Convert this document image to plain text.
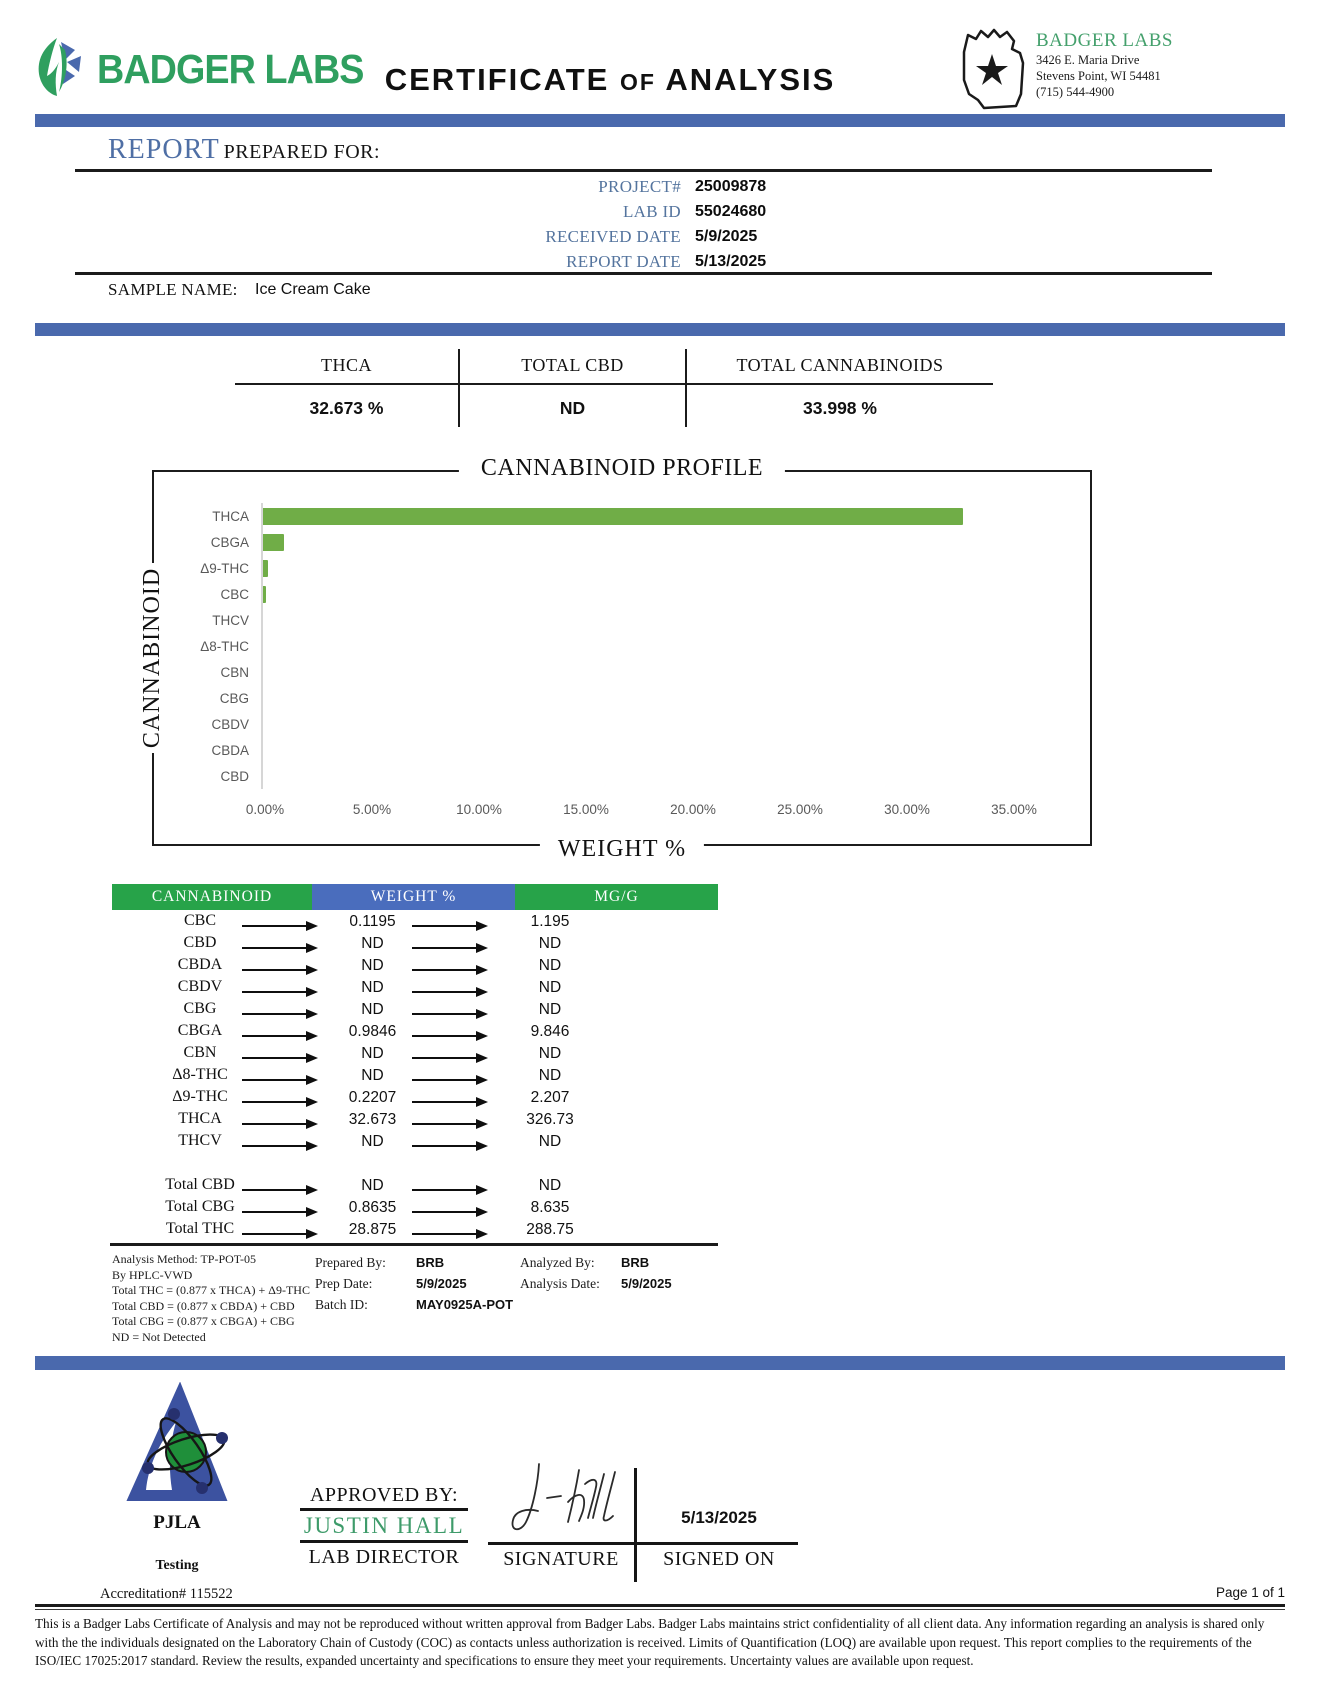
BADGER LABS CERTIFICATE OF ANALYSIS
BADGER LABS
3426 E. Maria Drive
Stevens Point, WI 54481
(715) 544-4900
REPORT PREPARED FOR:
PROJECT# 25009878
LAB ID 55024680
RECEIVED DATE 5/9/2025
REPORT DATE 5/13/2025
SAMPLE NAME: Ice Cream Cake
THCA
32.673 %
TOTAL CBD
ND
TOTAL CANNABINOIDS
33.998 %
CANNABINOID PROFILE
CANNABINOID
THCA
CBGA
Δ9-THC
CBC
THCV
Δ8-THC
CBN
CBG
CBDV
CBDA
CBD
0.00%	5.00%	10.00%	15.00%	20.00%	25.00%	30.00%	35.00%
WEIGHT %
CANNABINOID	WEIGHT %	MG/G
CBC	0.1195	1.195
CBD	ND	ND
CBDA	ND	ND
CBDV	ND	ND
CBG	ND	ND
CBGA	0.9846	9.846
CBN	ND	ND
Δ8-THC	ND	ND
Δ9-THC	0.2207	2.207
THCA	32.673	326.73
THCV	ND	ND
Total CBD	ND	ND
Total CBG	0.8635	8.635
Total THC	28.875	288.75
Analysis Method: TP-POT-05
By HPLC-VWD
Total THC = (0.877 x THCA) + Δ9-THC
Total CBD = (0.877 x CBDA) + CBD
Total CBG = (0.877 x CBGA) + CBG
ND = Not Detected
Prepared By:	BRB
Prep Date:	5/9/2025
Batch ID:	MAY0925A-POT
Analyzed By:	BRB
Analysis Date:	5/9/2025
PJLA
Testing
Accreditation# 115522
APPROVED BY:
JUSTIN HALL
LAB DIRECTOR	SIGNATURE
5/13/2025
SIGNED ON
Page 1 of 1
This is a Badger Labs Certificate of Analysis and may not be reproduced without written approval from Badger Labs. Badger Labs maintains strict confidentiality of all client data. Any information regarding an analysis is shared only with the the individuals designated on the Laboratory Chain of Custody (COC) as contacts unless authorization is received. Limits of Quantification (LOQ) are available upon request. This report complies to the requirements of the ISO/IEC 17025:2017 standard. Review the results, expanded uncertainty and specifications to ensure they meet your requirements. Uncertainty values are available upon request.
